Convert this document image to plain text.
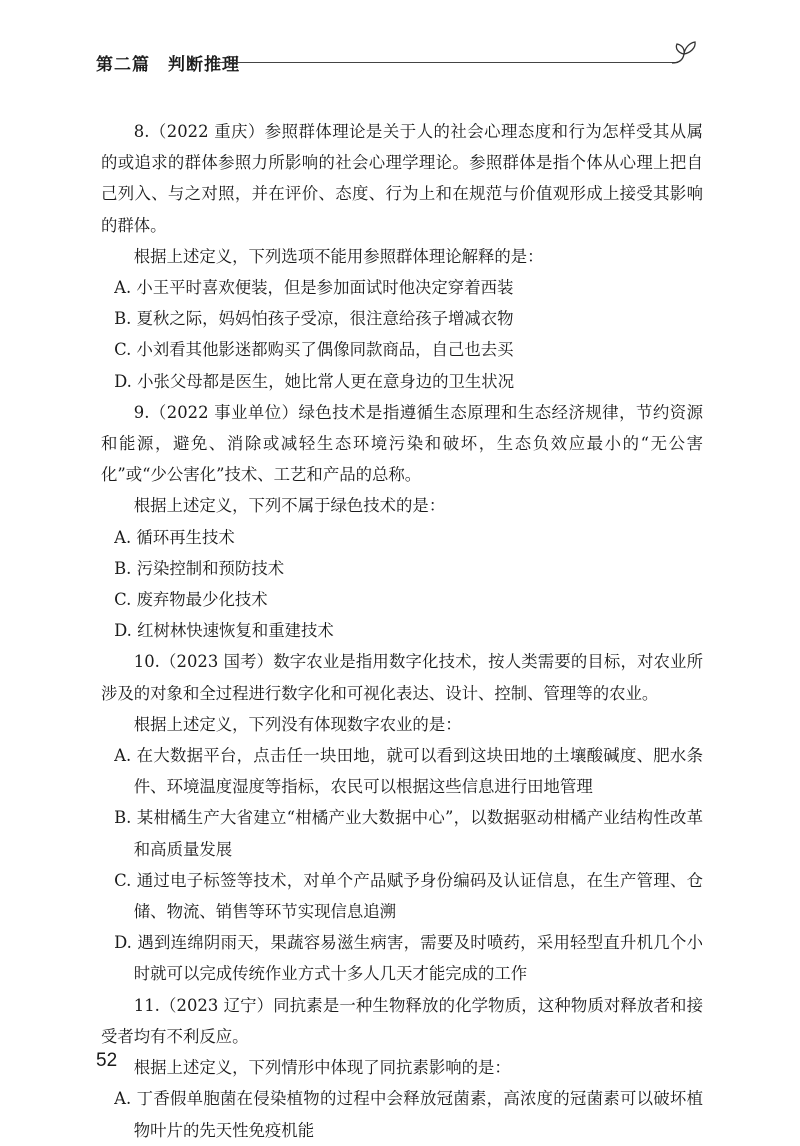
第二篇　判断推理

8.（2022 重庆）参照群体理论是关于人的社会心理态度和行为怎样受其从属的或追求的群体参照力所影响的社会心理学理论。参照群体是指个体从心理上把自己列入、与之对照，并在评价、态度、行为上和在规范与价值观形成上接受其影响的群体。

根据上述定义，下列选项不能用参照群体理论解释的是：

A. 小王平时喜欢便装，但是参加面试时他决定穿着西装

B. 夏秋之际，妈妈怕孩子受凉，很注意给孩子增减衣物

C. 小刘看其他影迷都购买了偶像同款商品，自己也去买

D. 小张父母都是医生，她比常人更在意身边的卫生状况

9.（2022 事业单位）绿色技术是指遵循生态原理和生态经济规律，节约资源和能源，避免、消除或减轻生态环境污染和破坏，生态负效应最小的“无公害化”或“少公害化”技术、工艺和产品的总称。

根据上述定义，下列不属于绿色技术的是：

A. 循环再生技术

B. 污染控制和预防技术

C. 废弃物最少化技术

D. 红树林快速恢复和重建技术

10.（2023 国考）数字农业是指用数字化技术，按人类需要的目标，对农业所涉及的对象和全过程进行数字化和可视化表达、设计、控制、管理等的农业。

根据上述定义，下列没有体现数字农业的是：

A. 在大数据平台，点击任一块田地，就可以看到这块田地的土壤酸碱度、肥水条件、环境温度湿度等指标，农民可以根据这些信息进行田地管理

B. 某柑橘生产大省建立“柑橘产业大数据中心”，以数据驱动柑橘产业结构性改革和高质量发展

C. 通过电子标签等技术，对单个产品赋予身份编码及认证信息，在生产管理、仓储、物流、销售等环节实现信息追溯

D. 遇到连绵阴雨天，果蔬容易滋生病害，需要及时喷药，采用轻型直升机几个小时就可以完成传统作业方式十多人几天才能完成的工作

11.（2023 辽宁）同抗素是一种生物释放的化学物质，这种物质对释放者和接受者均有不利反应。

根据上述定义，下列情形中体现了同抗素影响的是：

A. 丁香假单胞菌在侵染植物的过程中会释放冠菌素，高浓度的冠菌素可以破坏植物叶片的先天性免疫机能

52
